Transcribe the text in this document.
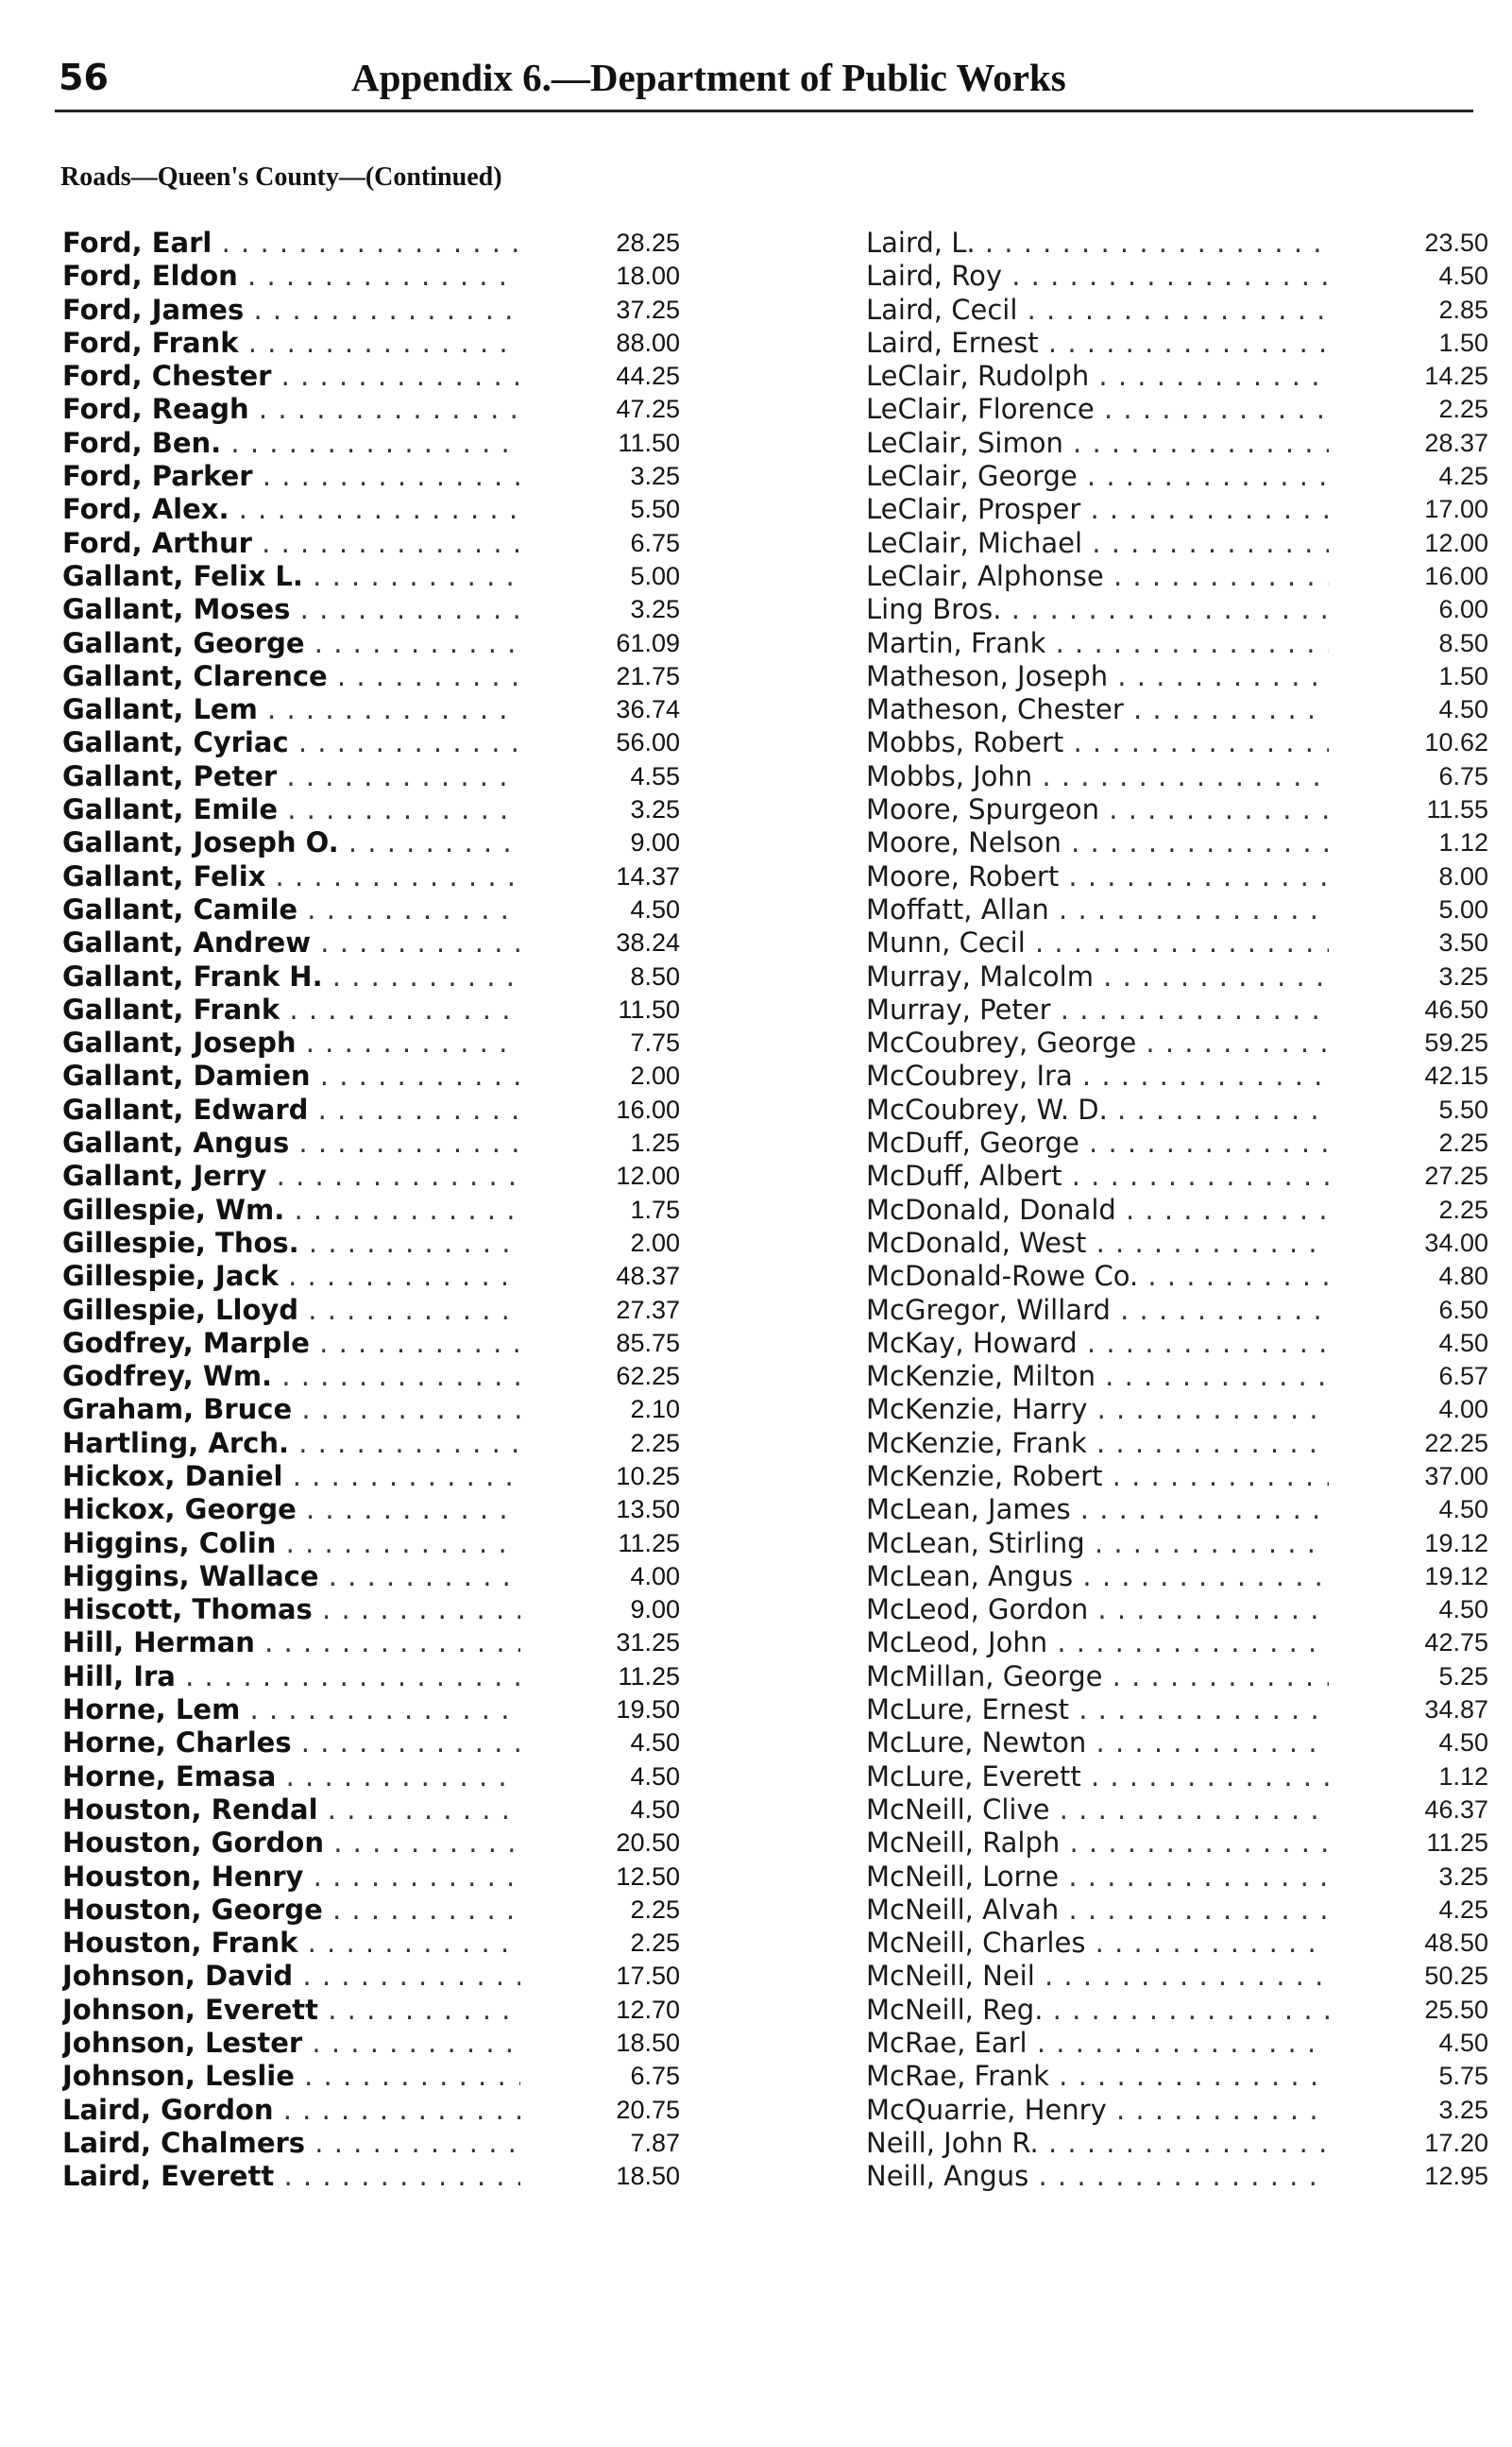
56	Appendix 6.—Department of Public Works
Roads—Queen's County—(Continued)
Ford, Earl . . .	28.25
Ford, Eldon . . .	18.00
Ford, James . . .	37.25
Ford, Frank . . .	88.00
Ford, Chester . . .	44.25
Ford, Reagh . . .	47.25
Ford, Ben. . . .	11.50
Ford, Parker . . .	3.25
Ford, Alex. . . .	5.50
Ford, Arthur . . .	6.75
Gallant, Felix L. . . .	5.00
Gallant, Moses . . .	3.25
Gallant, George . . .	61.09
Gallant, Clarence . . .	21.75
Gallant, Lem . . .	36.74
Gallant, Cyriac . . .	56.00
Gallant, Peter . . .	4.55
Gallant, Emile . . .	3.25
Gallant, Joseph O. . . .	9.00
Gallant, Felix . . .	14.37
Gallant, Camile . . .	4.50
Gallant, Andrew . . .	38.24
Gallant, Frank H. . . .	8.50
Gallant, Frank . . .	11.50
Gallant, Joseph . . .	7.75
Gallant, Damien . . .	2.00
Gallant, Edward . . .	16.00
Gallant, Angus . . .	1.25
Gallant, Jerry . . .	12.00
Gillespie, Wm. . . .	1.75
Gillespie, Thos. . . .	2.00
Gillespie, Jack . . .	48.37
Gillespie, Lloyd . . .	27.37
Godfrey, Marple . . .	85.75
Godfrey, Wm. . . .	62.25
Graham, Bruce . . .	2.10
Hartling, Arch. . . .	2.25
Hickox, Daniel . . .	10.25
Hickox, George . . .	13.50
Higgins, Colin . . .	11.25
Higgins, Wallace . . .	4.00
Hiscott, Thomas . . .	9.00
Hill, Herman . . .	31.25
Hill, Ira . . .	11.25
Horne, Lem . . .	19.50
Horne, Charles . . .	4.50
Horne, Emasa . . .	4.50
Houston, Rendal . . .	4.50
Houston, Gordon . . .	20.50
Houston, Henry . . .	12.50
Houston, George . . .	2.25
Houston, Frank . . .	2.25
Johnson, David . . .	17.50
Johnson, Everett . . .	12.70
Johnson, Lester . . .	18.50
Johnson, Leslie . . .	6.75
Laird, Gordon . . .	20.75
Laird, Chalmers . . .	7.87
Laird, Everett . . .	18.50
Laird, L. . . .	23.50
Laird, Roy . . .	4.50
Laird, Cecil . . .	2.85
Laird, Ernest . . .	1.50
LeClair, Rudolph . . .	14.25
LeClair, Florence . . .	2.25
LeClair, Simon . . .	28.37
LeClair, George . . .	4.25
LeClair, Prosper . . .	17.00
LeClair, Michael . . .	12.00
LeClair, Alphonse . . .	16.00
Ling Bros. . . .	6.00
Martin, Frank . . .	8.50
Matheson, Joseph . . .	1.50
Matheson, Chester . . .	4.50
Mobbs, Robert . . .	10.62
Mobbs, John . . .	6.75
Moore, Spurgeon . . .	11.55
Moore, Nelson . . .	1.12
Moore, Robert . . .	8.00
Moffatt, Allan . . .	5.00
Munn, Cecil . . .	3.50
Murray, Malcolm . . .	3.25
Murray, Peter . . .	46.50
McCoubrey, George . . .	59.25
McCoubrey, Ira . . .	42.15
McCoubrey, W. D. . . .	5.50
McDuff, George . . .	2.25
McDuff, Albert . . .	27.25
McDonald, Donald . . .	2.25
McDonald, West . . .	34.00
McDonald-Rowe Co. . . .	4.80
McGregor, Willard . . .	6.50
McKay, Howard . . .	4.50
McKenzie, Milton . . .	6.57
McKenzie, Harry . . .	4.00
McKenzie, Frank . . .	22.25
McKenzie, Robert . . .	37.00
McLean, James . . .	4.50
McLean, Stirling . . .	19.12
McLean, Angus . . .	19.12
McLeod, Gordon . . .	4.50
McLeod, John . . .	42.75
McMillan, George . . .	5.25
McLure, Ernest . . .	34.87
McLure, Newton . . .	4.50
McLure, Everett . . .	1.12
McNeill, Clive . . .	46.37
McNeill, Ralph . . .	11.25
McNeill, Lorne . . .	3.25
McNeill, Alvah . . .	4.25
McNeill, Charles . . .	48.50
McNeill, Neil . . .	50.25
McNeill, Reg. . . .	25.50
McRae, Earl . . .	4.50
McRae, Frank . . .	5.75
McQuarrie, Henry . . .	3.25
Neill, John R. . . .	17.20
Neill, Angus . . .	12.95
